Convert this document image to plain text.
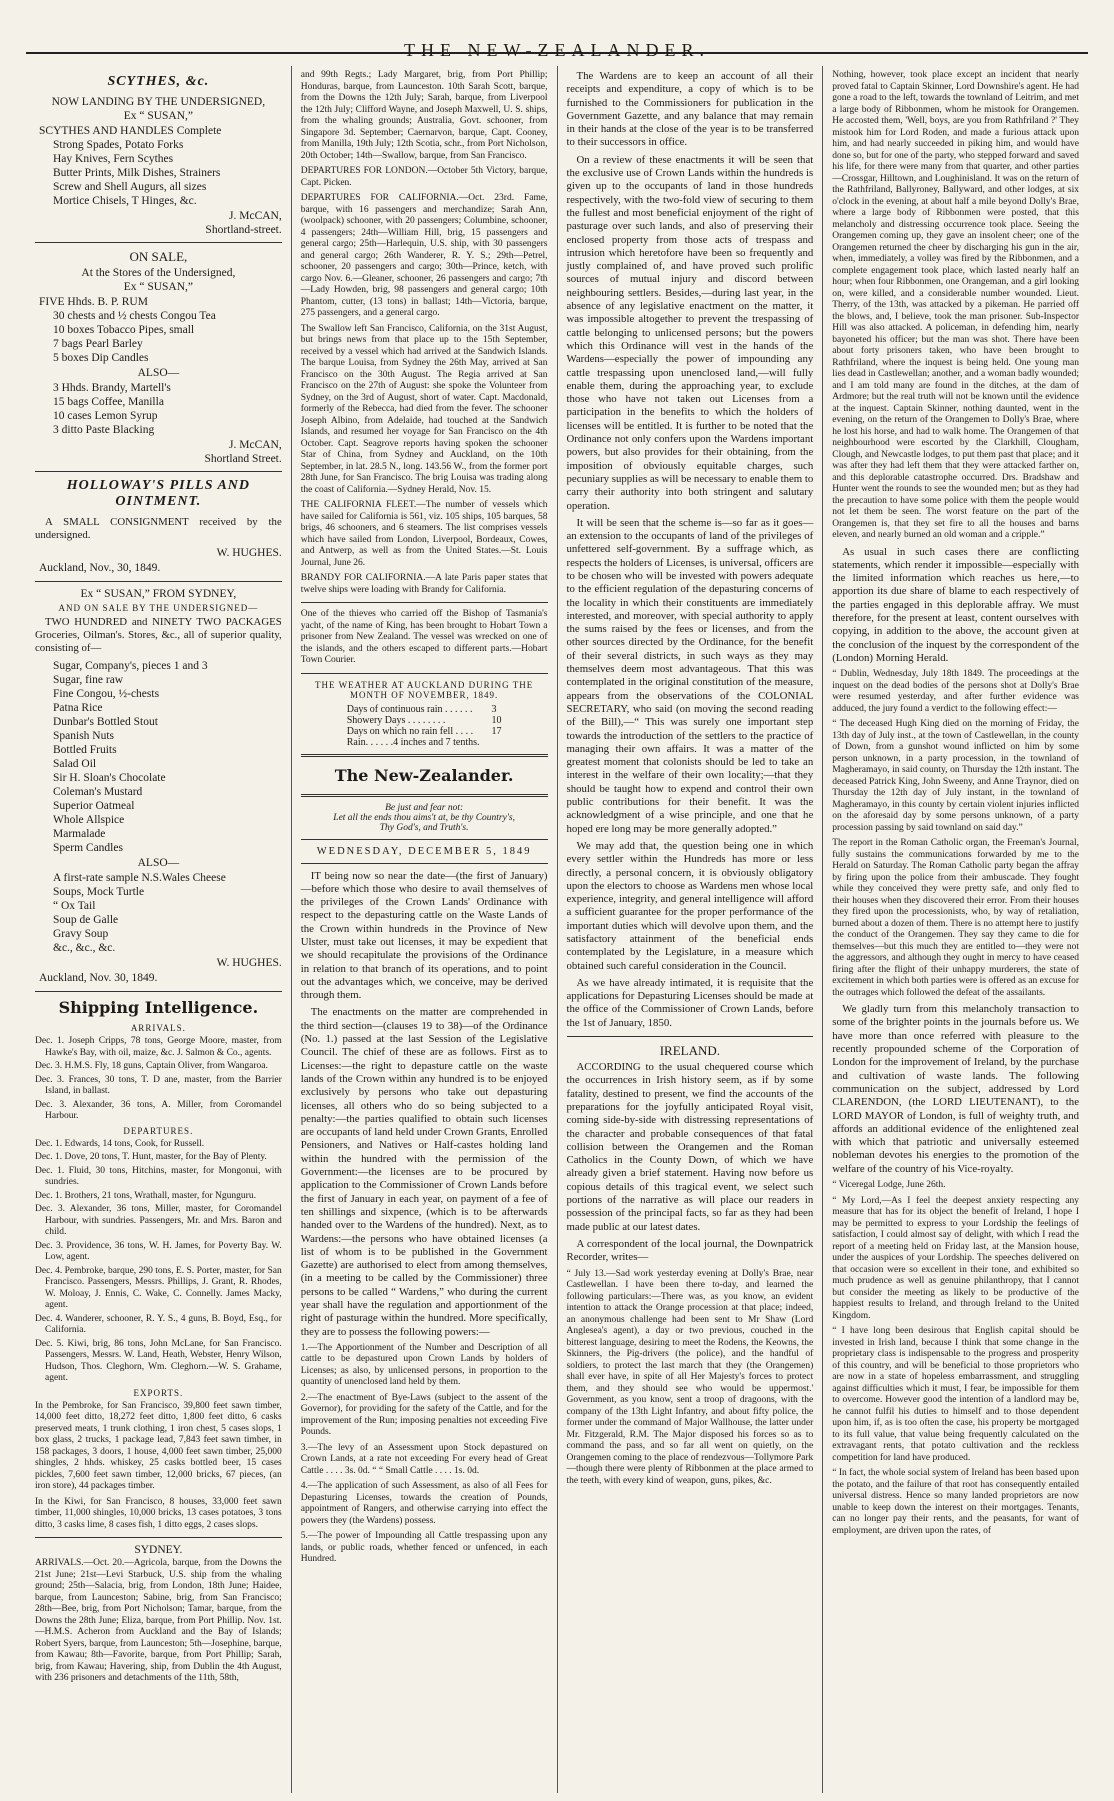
THE NEW-ZEALANDER.
SCYTHES, &c.
NOW LANDING BY THE UNDERSIGNED,
Ex “ SUSAN,”
SCYTHES AND HANDLES Complete
Strong Spades, Potato Forks
Hay Knives, Fern Scythes
Butter Prints, Milk Dishes, Strainers
Screw and Shell Augurs, all sizes
Mortice Chisels, T Hinges, &c.
J. McCAN,
Shortland-street.
ON SALE,
At the Stores of the Undersigned,
Ex “ SUSAN,”
FIVE Hhds. B. P. RUM
30 chests and ½ chests Congou Tea
10 boxes Tobacco Pipes, small
7 bags Pearl Barley
5 boxes Dip Candles
ALSO—
3 Hhds. Brandy, Martell's
15 bags Coffee, Manilla
10 cases Lemon Syrup
3 ditto Paste Blacking
J. McCAN,
Shortland Street.
HOLLOWAY'S PILLS AND OINTMENT.

A SMALL CONSIGNMENT received by the undersigned.

W. HUGHES.
Auckland, Nov., 30, 1849.
Ex “ SUSAN,” FROM SYDNEY,
AND ON SALE BY THE UNDERSIGNED—

TWO HUNDRED and NINETY TWO PACKAGES Groceries, Oilman's. Stores, &c., all of superior quality, consisting of—

Sugar, Company's, pieces 1 and 3
Sugar, fine raw
Fine Congou, ½-chests
Patna Rice
Dunbar's Bottled Stout
Spanish Nuts
Bottled Fruits
Salad Oil
Sir H. Sloan's Chocolate
Coleman's Mustard
Superior Oatmeal
Whole Allspice
Marmalade
Sperm Candles
ALSO—
A first-rate sample N.S.Wales Cheese
Soups, Mock Turtle
“ Ox Tail
Soup de Galle
Gravy Soup
&c., &c., &c.
W. HUGHES.
Auckland, Nov. 30, 1849.
Shipping Intelligence.
ARRIVALS.
Dec. 1. Joseph Cripps, 78 tons, George Moore, master, from Hawke's Bay, with oil, maize, &c. J. Salmon & Co., agents.
Dec. 3. H.M.S. Fly, 18 guns, Captain Oliver, from Wangaroa.
Dec. 3. Frances, 30 tons, T. D ane, master, from the Barrier Island, in ballast.
Dec. 3. Alexander, 36 tons, A. Miller, from Coromandel Harbour.
DEPARTURES.
Dec. 1. Edwards, 14 tons, Cook, for Russell.
Dec. 1. Dove, 20 tons, T. Hunt, master, for the Bay of Plenty.
Dec. 1. Fluid, 30 tons, Hitchins, master, for Mongonui, with sundries.
Dec. 1. Brothers, 21 tons, Wrathall, master, for Ngunguru.
Dec. 3. Alexander, 36 tons, Miller, master, for Coromandel Harbour, with sundries. Passengers, Mr. and Mrs. Baron and child.
Dec. 3. Providence, 36 tons, W. H. James, for Poverty Bay. W. Low, agent.
Dec. 4. Pembroke, barque, 290 tons, E. S. Porter, master, for San Francisco. Passengers, Messrs. Phillips, J. Grant, R. Rhodes, W. Moloay, J. Ennis, C. Wake, C. Connelly. James Macky, agent.
Dec. 4. Wanderer, schooner, R. Y. S., 4 guns, B. Boyd, Esq., for California.
Dec. 5. Kiwi, brig, 86 tons, John McLane, for San Francisco. Passengers, Messrs. W. Land, Heath, Webster, Henry Wilson, Hudson, Thos. Cleghorn, Wm. Cleghorn.—W. S. Grahame, agent.
EXPORTS.

In the Pembroke, for San Francisco, 39,800 feet sawn timber, 14,000 feet ditto, 18,272 feet ditto, 1,800 feet ditto, 6 casks preserved meats, 1 trunk clothing, 1 iron chest, 5 cases slops, 1 box glass, 2 trucks, 1 package lead, 7,843 feet sawn timber, in 158 packages, 3 doors, 1 house, 4,000 feet sawn timber, 25,000 shingles, 2 hhds. whiskey, 25 casks bottled beer, 15 cases pickles, 7,600 feet sawn timber, 12,000 bricks, 67 pieces, (an iron store), 44 packages timber.

In the Kiwi, for San Francisco, 8 houses, 33,000 feet sawn timber, 11,000 shingles, 10,000 bricks, 13 cases potatoes, 3 tons ditto, 3 casks lime, 8 cases fish, 1 ditto eggs, 2 cases slops.

SYDNEY.

ARRIVALS.—Oct. 20.—Agricola, barque, from the Downs the 21st June; 21st—Levi Starbuck, U.S. ship from the whaling ground; 25th—Salacia, brig, from London, 18th June; Haidee, barque, from Launceston; Sabine, brig, from San Francisco; 28th—Bee, brig, from Port Nicholson; Tamar, barque, from the Downs the 28th June; Eliza, barque, from Port Phillip. Nov. 1st.—H.M.S. Acheron from Auckland and the Bay of Islands; Robert Syers, barque, from Launceston; 5th—Josephine, barque, from Kawau; 8th—Favorite, barque, from Port Phillip; Sarah, brig, from Kawau; Havering, ship, from Dublin the 4th August, with 236 prisoners and detachments of the 11th, 58th,

and 99th Regts.; Lady Margaret, brig, from Port Phillip; Honduras, barque, from Launceston. 10th Sarah Scott, barque, from the Downs the 12th July; Sarah, barque, from Liverpool the 12th July; Clifford Wayne, and Joseph Maxwell, U. S. ships, from the whaling grounds; Australia, Govt. schooner, from Singapore 3d. September; Caernarvon, barque, Capt. Cooney, from Manilla, 19th July; 12th Scotia, schr., from Port Nicholson, 20th October; 14th—Swallow, barque, from San Francisco.

DEPARTURES FOR LONDON.—October 5th Victory, barque, Capt. Picken.

DEPARTURES FOR CALIFORNIA.—Oct. 23rd. Fame, barque, with 16 passengers and merchandize; Sarah Ann, (woolpack) schooner, with 20 passengers; Columbine, schooner, 4 passengers; 24th—William Hill, brig, 15 passengers and general cargo; 25th—Harlequin, U.S. ship, with 30 passengers and general cargo; 26th Wanderer, R. Y. S.; 29th—Petrel, schooner, 20 passengers and cargo; 30th—Prince, ketch, with cargo Nov. 6.—Gleaner, schooner, 26 passengers and cargo; 7th—Lady Howden, brig, 98 passengers and general cargo; 10th Phantom, cutter, (13 tons) in ballast; 14th—Victoria, barque, 275 passengers, and a general cargo.

The Swallow left San Francisco, California, on the 31st August, but brings news from that place up to the 15th September, received by a vessel which had arrived at the Sandwich Islands. The barque Louisa, from Sydney the 26th May, arrived at San Francisco on the 30th August. The Regia arrived at San Francisco on the 27th of August: she spoke the Volunteer from Sydney, on the 3rd of August, short of water. Capt. Macdonald, formerly of the Rebecca, had died from the fever. The schooner Joseph Albino, from Adelaide, had touched at the Sandwich Islands, and resumed her voyage for San Francisco on the 4th October. Capt. Seagrove reports having spoken the schooner Star of China, from Sydney and Auckland, on the 10th September, in lat. 28.5 N., long. 143.56 W., from the former port 28th June, for San Francisco. The brig Louisa was trading along the coast of California.—Sydney Herald, Nov. 15.

THE CALIFORNIA FLEET.—The number of vessels which have sailed for California is 561, viz. 105 ships, 105 barques, 58 brigs, 46 schooners, and 6 steamers. The list comprises vessels which have sailed from London, Liverpool, Bordeaux, Cowes, and Antwerp, as well as from the United States.—St. Louis Journal, June 26.

BRANDY FOR CALIFORNIA.—A late Paris paper states that twelve ships were loading with Brandy for California.

One of the thieves who carried off the Bishop of Tasmania's yacht, of the name of King, has been brought to Hobart Town a prisoner from New Zealand. The vessel was wrecked on one of the islands, and the others escaped to different parts.—Hobart Town Courier.

THE WEATHER AT AUCKLAND DURING THE MONTH OF NOVEMBER, 1849.
Days of continuous rain . . . . . .	3
Showery Days . . . . . . . .	10
Days on which no rain fell . . . .	17
Rain. . . . . .4 inches and 7 tenths.	
The New-Zealander.
Be just and fear not:
Let all the ends thou aims't at, be thy Country's,
Thy God's, and Truth's.
WEDNESDAY, DECEMBER 5, 1849

IT being now so near the date—(the first of January)—before which those who desire to avail themselves of the privileges of the Crown Lands' Ordinance with respect to the depasturing cattle on the Waste Lands of the Crown within hundreds in the Province of New Ulster, must take out licenses, it may be expedient that we should recapitulate the provisions of the Ordinance in relation to that branch of its operations, and to point out the advantages which, we conceive, may be derived through them.

The enactments on the matter are comprehended in the third section—(clauses 19 to 38)—of the Ordinance (No. 1.) passed at the last Session of the Legislative Council. The chief of these are as follows. First as to Licenses:—the right to depasture cattle on the waste lands of the Crown within any hundred is to be enjoyed exclusively by persons who take out depasturing licenses, all others who do so being subjected to a penalty:—the parties qualified to obtain such licenses are occupants of land held under Crown Grants, Enrolled Pensioners, and Natives or Half-castes holding land within the hundred with the permission of the Government:—the licenses are to be procured by application to the Commissioner of Crown Lands before the first of January in each year, on payment of a fee of ten shillings and sixpence, (which is to be afterwards handed over to the Wardens of the hundred). Next, as to Wardens:—the persons who have obtained licenses (a list of whom is to be published in the Government Gazette) are authorised to elect from among themselves, (in a meeting to be called by the Commissioner) three persons to be called “ Wardens,” who during the current year shall have the regulation and apportionment of the right of pasturage within the hundred. More specifically, they are to possess the following powers:—

1.—The Apportionment of the Number and Description of all cattle to be depastured upon Crown Lands by holders of Licenses; as also, by unlicensed persons, in proportion to the quantity of unenclosed land held by them.

2.—The enactment of Bye-Laws (subject to the assent of the Governor), for providing for the safety of the Cattle, and for the improvement of the Run; imposing penalties not exceeding Five Pounds.

3.—The levy of an Assessment upon Stock depastured on Crown Lands, at a rate not exceeding For every head of Great Cattle . . . . 3s. 0d. “ “ Small Cattle . . . . 1s. 0d.

4.—The application of such Assessment, as also of all Fees for Depasturing Licenses, towards the creation of Pounds, appointment of Rangers, and otherwise carrying into effect the powers they (the Wardens) possess.

5.—The power of Impounding all Cattle trespassing upon any lands, or public roads, whether fenced or unfenced, in each Hundred.

The Wardens are to keep an account of all their receipts and expenditure, a copy of which is to be furnished to the Commissioners for publication in the Government Gazette, and any balance that may remain in their hands at the close of the year is to be transferred to their successors in office.

On a review of these enactments it will be seen that the exclusive use of Crown Lands within the hundreds is given up to the occupants of land in those hundreds respectively, with the two-fold view of securing to them the fullest and most beneficial enjoyment of the right of pasturage over such lands, and also of preserving their enclosed property from those acts of trespass and intrusion which heretofore have been so frequently and justly complained of, and have proved such prolific sources of mutual injury and discord between neighbouring settlers. Besides,—during last year, in the absence of any legislative enactment on the matter, it was impossible altogether to prevent the trespassing of cattle belonging to unlicensed persons; but the powers which this Ordinance will vest in the hands of the Wardens—especially the power of impounding any cattle trespassing upon unenclosed land,—will fully enable them, during the approaching year, to exclude those who have not taken out Licenses from a participation in the benefits to which the holders of licenses will be entitled. It is further to be noted that the Ordinance not only confers upon the Wardens important powers, but also provides for their obtaining, from the imposition of obviously equitable charges, such pecuniary supplies as will be necessary to enable them to carry their authority into both stringent and salutary operation.

It will be seen that the scheme is—so far as it goes—an extension to the occupants of land of the privileges of unfettered self-government. By a suffrage which, as respects the holders of Licenses, is universal, officers are to be chosen who will be invested with powers adequate to the efficient regulation of the depasturing concerns of the locality in which their constituents are immediately interested, and moreover, with special authority to apply the sums raised by the fees or licenses, and from the other sources directed by the Ordinance, for the benefit of their several districts, in such ways as they may themselves deem most advantageous. That this was contemplated in the original constitution of the measure, appears from the observations of the COLONIAL SECRETARY, who said (on moving the second reading of the Bill),—“ This was surely one important step towards the introduction of the settlers to the practice of managing their own affairs. It was a matter of the greatest moment that colonists should be led to take an interest in the welfare of their own locality;—that they should be taught how to expend and control their own public contributions for their benefit. It was the acknowledgment of a wise principle, and one that he hoped ere long may be more generally adopted.”

We may add that, the question being one in which every settler within the Hundreds has more or less directly, a personal concern, it is obviously obligatory upon the electors to choose as Wardens men whose local experience, integrity, and general intelligence will afford a sufficient guarantee for the proper performance of the important duties which will devolve upon them, and the satisfactory attainment of the beneficial ends contemplated by the Legislature, in a measure which obtained such careful consideration in the Council.

As we have already intimated, it is requisite that the applications for Depasturing Licenses should be made at the office of the Commissioner of Crown Lands, before the 1st of January, 1850.

IRELAND.

ACCORDING to the usual chequered course which the occurrences in Irish history seem, as if by some fatality, destined to present, we find the accounts of the preparations for the joyfully anticipated Royal visit, coming side-by-side with distressing representations of the character and probable consequences of that fatal collision between the Orangemen and the Roman Catholics in the County Down, of which we have already given a brief statement. Having now before us copious details of this tragical event, we select such portions of the narrative as will place our readers in possession of the principal facts, so far as they had been made public at our latest dates.

A correspondent of the local journal, the Downpatrick Recorder, writes—

“ July 13.—Sad work yesterday evening at Dolly's Brae, near Castlewellan. I have been there to-day, and learned the following particulars:—There was, as you know, an evident intention to attack the Orange procession at that place; indeed, an anonymous challenge had been sent to Mr Shaw (Lord Anglesea's agent), a day or two previous, couched in the bitterest language, desiring to meet the Rodens, the Keowns, the Skinners, the Pig-drivers (the police), and the handful of soldiers, to protect the last march that they (the Orangemen) shall ever have, in spite of all Her Majesty's forces to protect them, and they should see who would be uppermost.' Government, as you know, sent a troop of dragoons, with the company of the 13th Light Infantry, and about fifty police, the former under the command of Major Wallhouse, the latter under Mr. Fitzgerald, R.M. The Major disposed his forces so as to command the pass, and so far all went on quietly, on the Orangemen coming to the place of rendezvous—Tollymore Park—though there were plenty of Ribbonmen at the place armed to the teeth, with every kind of weapon, guns, pikes, &c.

Nothing, however, took place except an incident that nearly proved fatal to Captain Skinner, Lord Downshire's agent. He had gone a road to the left, towards the townland of Leitrim, and met a large body of Ribbonmen, whom he mistook for Orangemen. He accosted them, 'Well, boys, are you from Rathfriland ?' They mistook him for Lord Roden, and made a furious attack upon him, and had nearly succeeded in piking him, and would have done so, but for one of the party, who stepped forward and saved his life, for there were many from that quarter, and other parties—Crossgar, Hilltown, and Loughinisland. It was on the return of the Rathfriland, Ballyroney, Ballyward, and other lodges, at six o'clock in the evening, at about half a mile beyond Dolly's Brae, where a large body of Ribbonmen were posted, that this melancholy and distressing occurrence took place. Seeing the Orangemen coming up, they gave an insolent cheer; one of the Orangemen returned the cheer by discharging his gun in the air, when, immediately, a volley was fired by the Ribbonmen, and a complete engagement took place, which lasted nearly half an hour; when four Ribbonmen, one Orangeman, and a girl looking on, were killed, and a considerable number wounded. Lieut. Therry, of the 13th, was attacked by a pikeman. He parried off the blows, and, I believe, took the man prisoner. Sub-Inspector Hill was also attacked. A policeman, in defending him, nearly bayoneted his officer; but the man was shot. There have been about forty prisoners taken, who have been brought to Rathfriland, where the inquest is being held. One young man lies dead in Castlewellan; another, and a woman badly wounded; and I am told many are found in the ditches, at the dam of Ardmore; but the real truth will not be known until the evidence at the inquest. Captain Skinner, nothing daunted, went in the evening, on the return of the Orangemen to Dolly's Brae, where he lost his horse, and had to walk home. The Orangemen of that neighbourhood were escorted by the Clarkhill, Clougham, Clough, and Newcastle lodges, to put them past that place; and it was after they had left them that they were attacked farther on, and this deplorable catastrophe occurred. Drs. Bradshaw and Hunter went the rounds to see the wounded men; but as they had the precaution to have some police with them the people would not let them be seen. The worst feature on the part of the Orangemen is, that they set fire to all the houses and barns eleven, and nearly burned an old woman and a cripple.”

As usual in such cases there are conflicting statements, which render it impossible—especially with the limited information which reaches us here,—to apportion its due share of blame to each respectively of the parties engaged in this deplorable affray. We must therefore, for the present at least, content ourselves with copying, in addition to the above, the account given at the conclusion of the inquest by the correspondent of the (London) Morning Herald.

“ Dublin, Wednesday, July 18th 1849. The proceedings at the inquest on the dead bodies of the persons shot at Dolly's Brae were resumed yesterday, and after further evidence was adduced, the jury found a verdict to the following effect:—

“ The deceased Hugh King died on the morning of Friday, the 13th day of July inst., at the town of Castlewellan, in the county of Down, from a gunshot wound inflicted on him by some person unknown, in a party procession, in the townland of Magheramayo, in said county, on Thursday the 12th instant. The deceased Patrick King, John Sweeny, and Anne Traynor, died on Thursday the 12th day of July instant, in the townland of Magheramayo, in this county by certain violent injuries inflicted on the aforesaid day by some persons unknown, of a party procession passing by said townland on said day.”

The report in the Roman Catholic organ, the Freeman's Journal, fully sustains the communications forwarded by me to the Herald on Saturday. The Roman Catholic party began the affray by firing upon the police from their ambuscade. They fought while they conceived they were pretty safe, and only fled to their houses when they discovered their error. From their houses they fired upon the processionists, who, by way of retaliation, burned about a dozen of them. There is no attempt here to justify the conduct of the Orangemen. They say they came to die for themselves—but this much they are entitled to—they were not the aggressors, and although they ought in mercy to have ceased firing after the flight of their unhappy murderers, the state of excitement in which both parties were is offered as an excuse for the outrages which followed the defeat of the assailants.

We gladly turn from this melancholy transaction to some of the brighter points in the journals before us. We have more than once referred with pleasure to the recently propounded scheme of the Corporation of London for the improvement of Ireland, by the purchase and cultivation of waste lands. The following communication on the subject, addressed by Lord CLARENDON, (the LORD LIEUTENANT), to the LORD MAYOR of London, is full of weighty truth, and affords an additional evidence of the enlightened zeal with which that patriotic and universally esteemed nobleman devotes his energies to the promotion of the welfare of the country of his Vice-royalty.

“ Viceregal Lodge, June 26th.

“ My Lord,—As I feel the deepest anxiety respecting any measure that has for its object the benefit of Ireland, I hope I may be permitted to express to your Lordship the feelings of satisfaction, I could almost say of delight, with which I read the report of a meeting held on Friday last, at the Mansion house, under the auspices of your Lordship. The speeches delivered on that occasion were so excellent in their tone, and exhibited so much prudence as well as genuine philanthropy, that I cannot but consider the meeting as likely to be productive of the happiest results to Ireland, and through Ireland to the United Kingdom.

“ I have long been desirous that English capital should be invested in Irish land, because I think that some change in the proprietary class is indispensable to the progress and prosperity of this country, and will be beneficial to those proprietors who are now in a state of hopeless embarrassment, and struggling against difficulties which it must, I fear, be impossible for them to overcome. However good the intention of a landlord may be, he cannot fulfil his duties to himself and to those dependent upon him, if, as is too often the case, his property be mortgaged to its full value, that value being frequently calculated on the extravagant rents, that potato cultivation and the reckless competition for land have produced.

“ In fact, the whole social system of Ireland has been based upon the potato, and the failure of that root has consequently entailed universal distress. Hence so many landed proprietors are now unable to keep down the interest on their mortgages. Tenants, can no longer pay their rents, and the peasants, for want of employment, are driven upon the rates, of
